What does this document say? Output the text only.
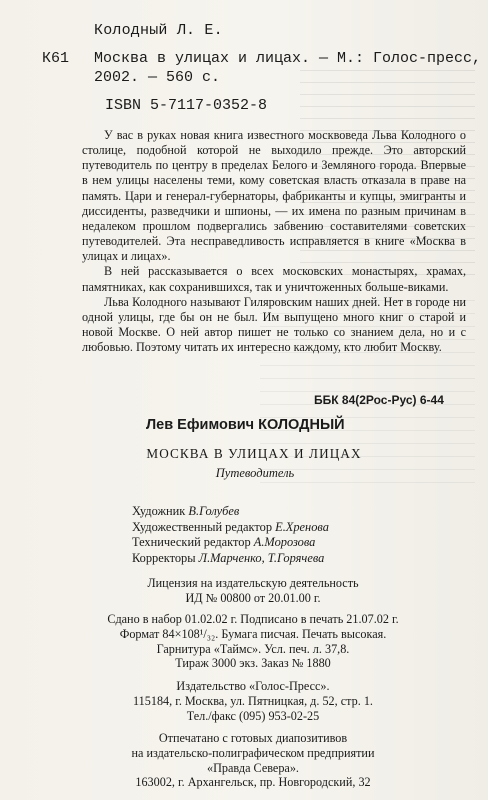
Колодный Л. Е.
К61 Москва в улицах и лицах. — М.: Голос-пресс,
2002. — 560 с.
ISBN 5-7117-0352-8

У вас в руках новая книга известного москвоведа Льва Колодного о столице, подобной которой не выходило прежде. Это авторский путеводитель по центру в пределах Белого и Земляного города. Впервые в нем улицы населены теми, кому советская власть отказала в праве на память. Цари и генерал-губернаторы, фабриканты и купцы, эмигранты и диссиденты, разведчики и шпионы, — их имена по разным причинам в недалеком прошлом подвергались забвению составителями советских путеводителей. Эта несправедливость исправляется в книге «Москва в улицах и лицах».

В ней рассказывается о всех московских монастырях, храмах, памятниках, как сохранившихся, так и уничтоженных больше-виками.

Льва Колодного называют Гиляровским наших дней. Нет в городе ни одной улицы, где бы он не был. Им выпущено много книг о старой и новой Москве. О ней автор пишет не только со знанием дела, но и с любовью. Поэтому читать их интересно каждому, кто любит Москву.

ББК 84(2Рос-Рус) 6-44
Лев Ефимович КОЛОДНЫЙ
МОСКВА В УЛИЦАХ И ЛИЦАХ
Путеводитель
Художник В.Голубев
Художественный редактор Е.Хренова
Технический редактор А.Морозова
Корректоры Л.Марченко, Т.Горячева
Лицензия на издательскую деятельность
ИД № 00800 от 20.01.00 г.
Сдано в набор 01.02.02 г. Подписано в печать 21.07.02 г.
Формат 84×108¹/₃₂. Бумага писчая. Печать высокая.
Гарнитура «Таймс». Усл. печ. л. 37,8.
Тираж 3000 экз. Заказ № 1880
Издательство «Голос-Пресс».
115184, г. Москва, ул. Пятницкая, д. 52, стр. 1.
Тел./факс (095) 953-02-25
Отпечатано с готовых диапозитивов
на издательско-полиграфическом предприятии
«Правда Севера».
163002, г. Архангельск, пр. Новгородский, 32
